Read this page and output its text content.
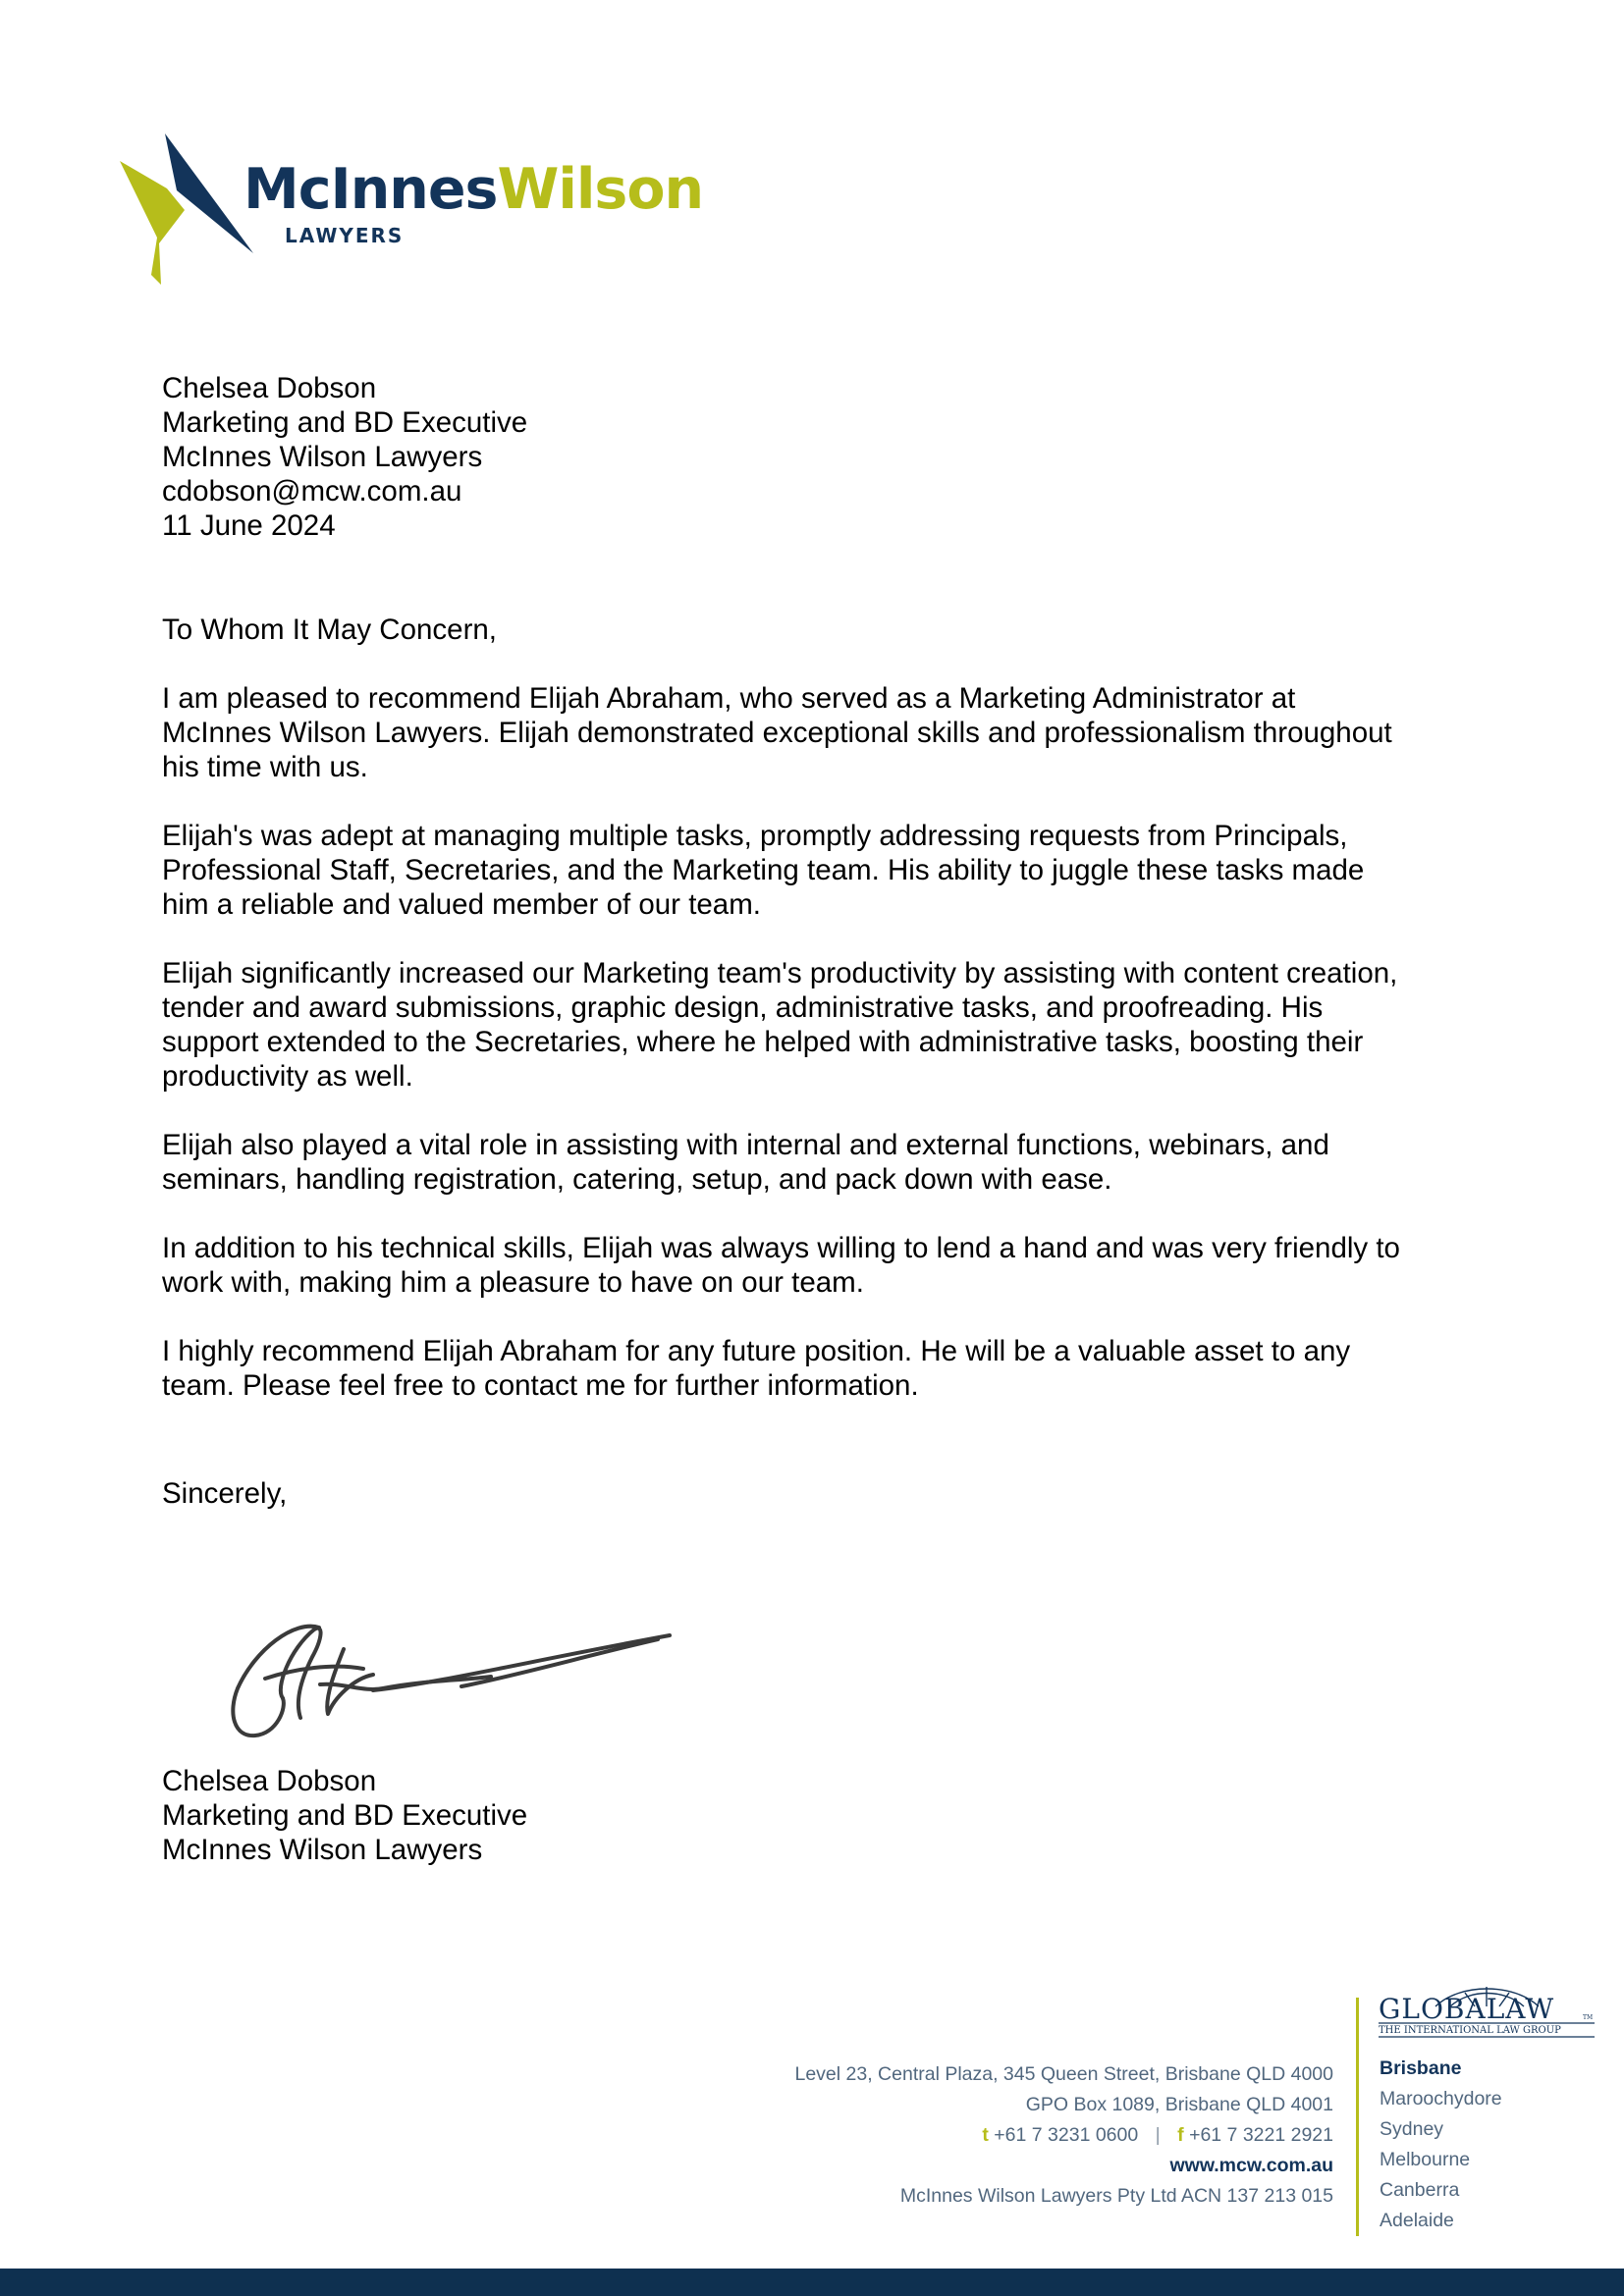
McInnesWilson
LAWYERS
Chelsea Dobson
Marketing and BD Executive
McInnes Wilson Lawyers
cdobson@mcw.com.au
11 June 2024
To Whom It May Concern,

I am pleased to recommend Elijah Abraham, who served as a Marketing Administrator at
McInnes Wilson Lawyers. Elijah demonstrated exceptional skills and professionalism throughout
his time with us.

Elijah's was adept at managing multiple tasks, promptly addressing requests from Principals,
Professional Staff, Secretaries, and the Marketing team. His ability to juggle these tasks made
him a reliable and valued member of our team.

Elijah significantly increased our Marketing team's productivity by assisting with content creation,
tender and award submissions, graphic design, administrative tasks, and proofreading. His
support extended to the Secretaries, where he helped with administrative tasks, boosting their
productivity as well.

Elijah also played a vital role in assisting with internal and external functions, webinars, and
seminars, handling registration, catering, setup, and pack down with ease.

In addition to his technical skills, Elijah was always willing to lend a hand and was very friendly to
work with, making him a pleasure to have on our team.

I highly recommend Elijah Abraham for any future position. He will be a valuable asset to any
team. Please feel free to contact me for further information.

Sincerely,
Chelsea Dobson
Marketing and BD Executive
McInnes Wilson Lawyers
Level 23, Central Plaza, 345 Queen Street, Brisbane QLD 4000
GPO Box 1089, Brisbane QLD 4001
t +61 7 3231 0600 | f +61 7 3221 2921
www.mcw.com.au
McInnes Wilson Lawyers Pty Ltd ACN 137 213 015
GLOBALAW	TM
THE INTERNATIONAL LAW GROUP
Brisbane
Maroochydore
Sydney
Melbourne
Canberra
Adelaide
